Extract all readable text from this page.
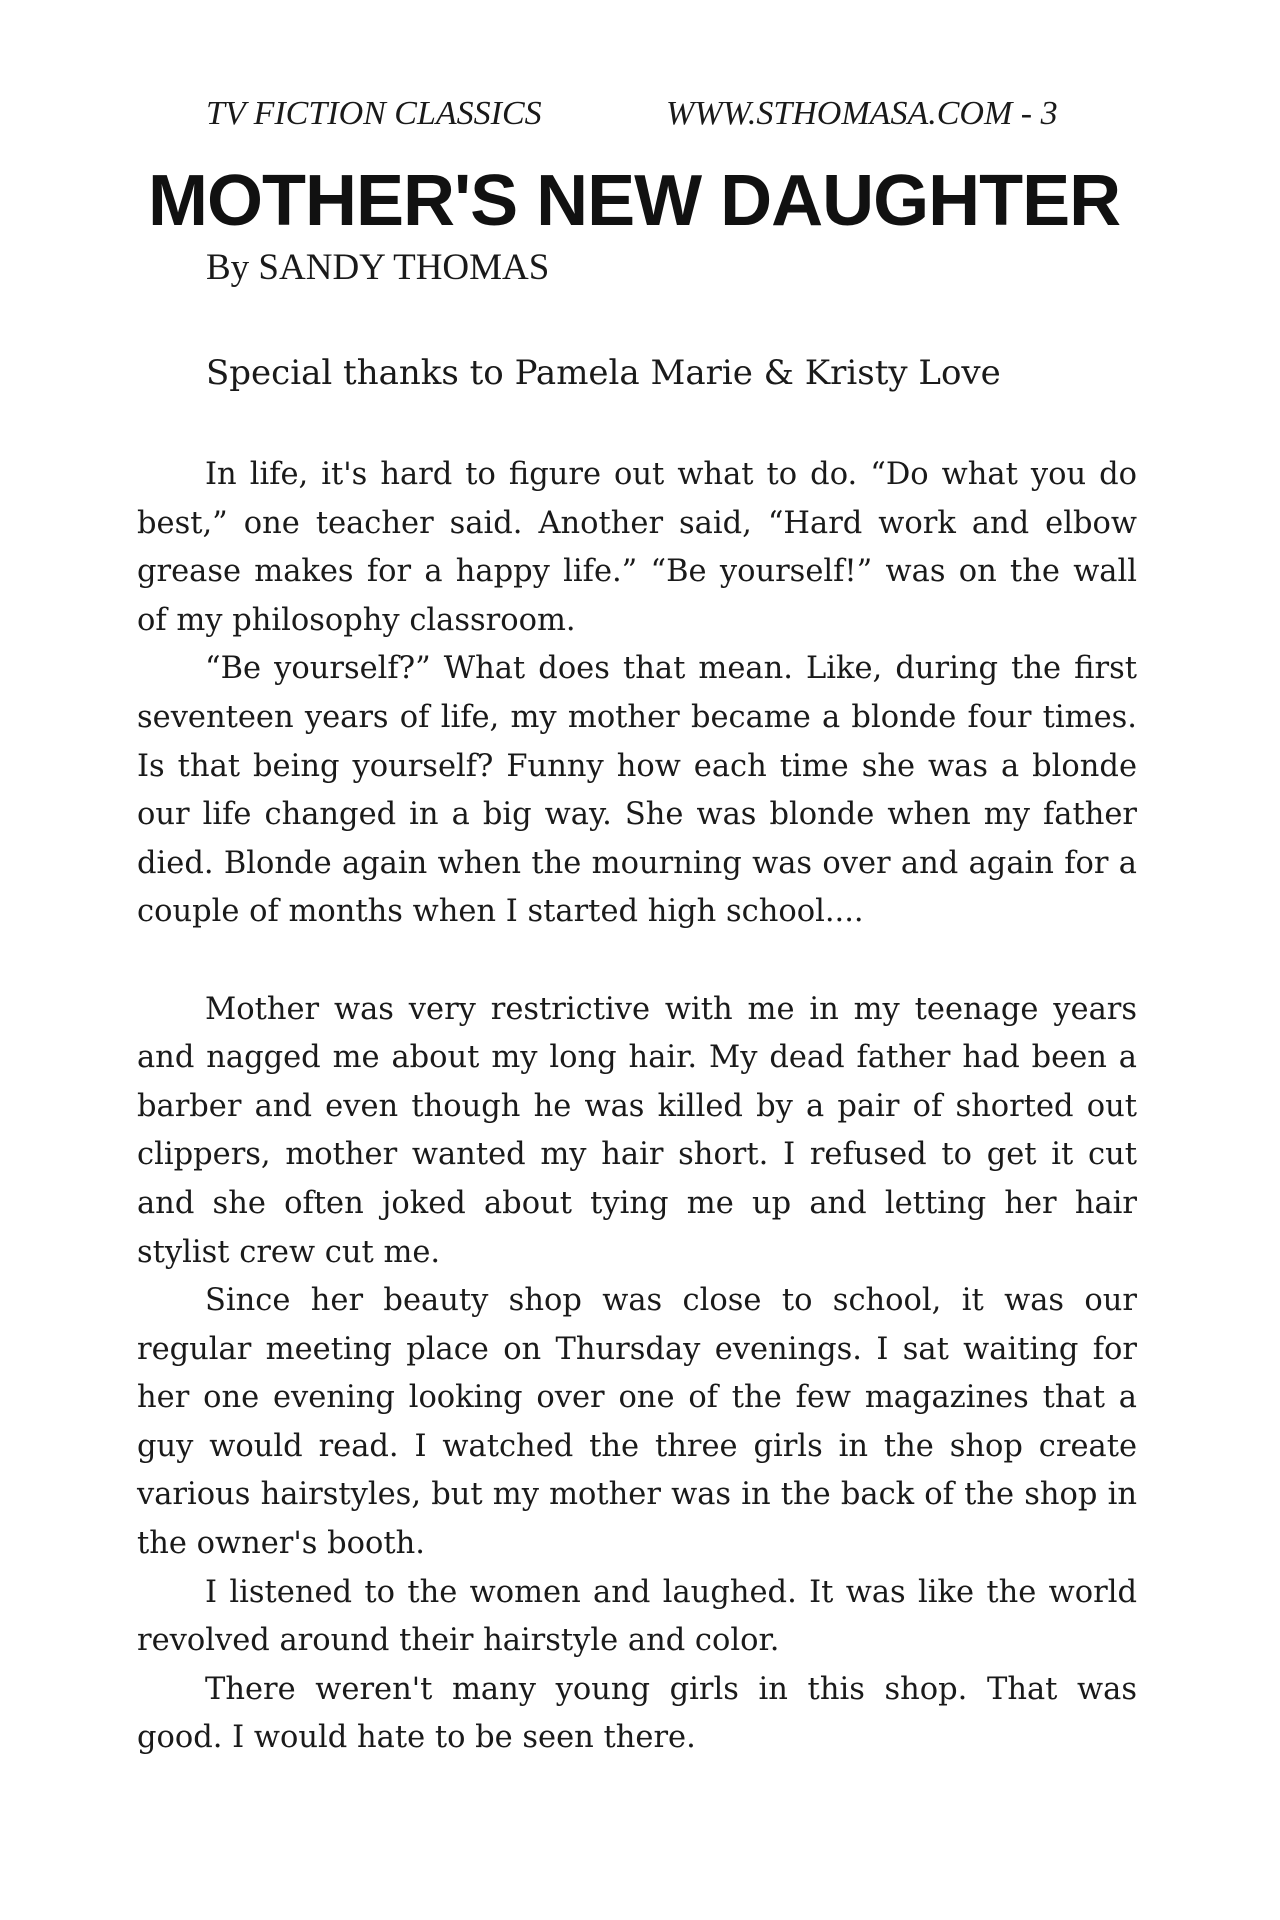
TV FICTION CLASSICS	WWW.STHOMASA.COM - 3
MOTHER'S NEW DAUGHTER
By SANDY THOMAS
Special thanks to Pamela Marie & Kristy Love

In life, it's hard to figure out what to do. “Do what you do best,” one teacher said. Another said, “Hard work and elbow grease makes for a happy life.” “Be yourself!” was on the wall of my philosophy classroom.

“Be yourself?” What does that mean. Like, during the first seventeen years of life, my mother became a blonde four times. Is that being yourself? Funny how each time she was a blonde our life changed in a big way. She was blonde when my father died. Blonde again when the mourning was over and again for a couple of months when I started high school....

Mother was very restrictive with me in my teenage years and nagged me about my long hair. My dead father had been a barber and even though he was killed by a pair of shorted out clippers, mother wanted my hair short. I refused to get it cut and she often joked about tying me up and letting her hair stylist crew cut me.

Since her beauty shop was close to school, it was our regular meeting place on Thursday evenings. I sat waiting for her one evening looking over one of the few magazines that a guy would read. I watched the three girls in the shop create various hairstyles, but my mother was in the back of the shop in the owner's booth.

I listened to the women and laughed. It was like the world revolved around their hairstyle and color.

There weren't many young girls in this shop. That was good. I would hate to be seen there.
